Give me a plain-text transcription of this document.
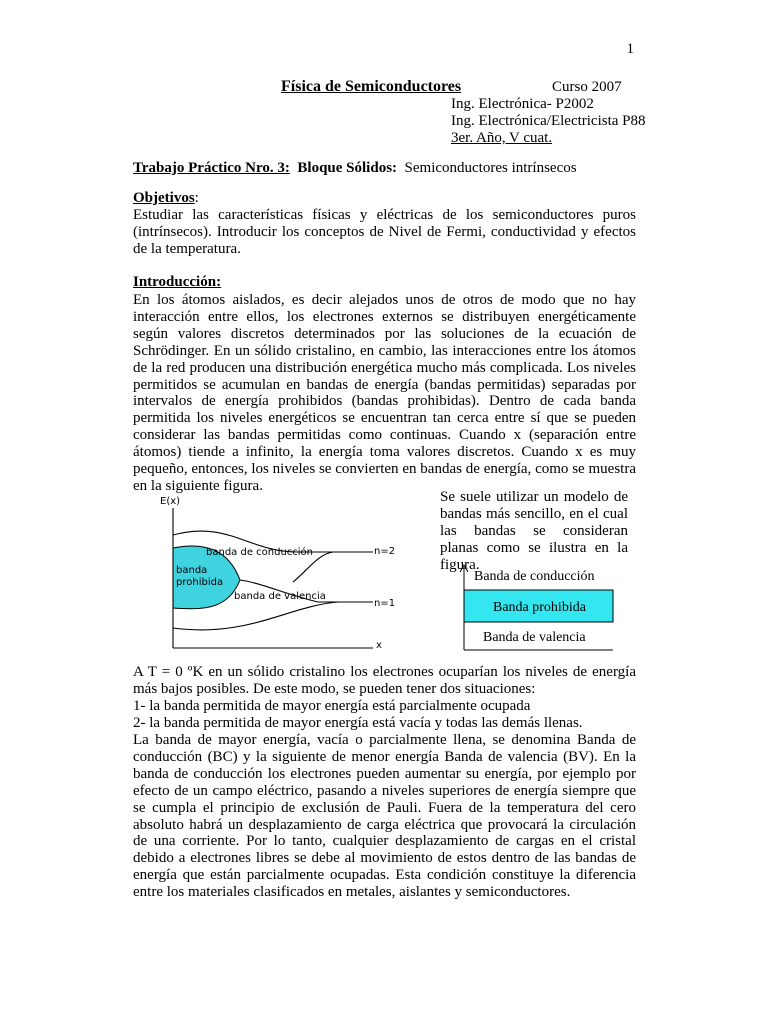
1
Física de Semiconductores	Curso 2007
Ing. Electrónica- P2002
Ing. Electrónica/Electricista P88
3er. Año, V cuat.
Trabajo Práctico Nro. 3: Bloque Sólidos: Semiconductores intrínsecos
Objetivos:

Estudiar las características físicas y eléctricas de los semiconductores puros (intrínsecos). Introducir los conceptos de Nivel de Fermi, conductividad y efectos de la temperatura.

Introducción:

En los átomos aislados, es decir alejados unos de otros de modo que no hay interacción entre ellos, los electrones externos se distribuyen energéticamente según valores discretos determinados por las soluciones de la ecuación de Schrödinger. En un sólido cristalino, en cambio, las interacciones entre los átomos de la red producen una distribución energética mucho más complicada. Los niveles permitidos se acumulan en bandas de energía (bandas permitidas) separadas por intervalos de energía prohibidos (bandas prohibidas). Dentro de cada banda permitida los niveles energéticos se encuentran tan cerca entre sí que se pueden considerar las bandas permitidas como continuas. Cuando x (separación entre átomos) tiende a infinito, la energía toma valores discretos. Cuando x es muy pequeño, entonces, los niveles se convierten en bandas de energía, como se muestra en la siguiente figura.

E(x)
x
banda de conducción
banda
prohibida
banda de valencia
n=2
n=1

Se suele utilizar un modelo de bandas más sencillo, en el cual las bandas se consideran planas como se ilustra en la figura.

Banda de conducción
Banda prohibida
Banda de valencia

A T = 0 ºK en un sólido cristalino los electrones ocuparían los niveles de energía más bajos posibles. De este modo, se pueden tener dos situaciones:

1- la banda permitida de mayor energía está parcialmente ocupada

2- la banda permitida de mayor energía está vacía y todas las demás llenas.

La banda de mayor energía, vacía o parcialmente llena, se denomina Banda de conducción (BC) y la siguiente de menor energía Banda de valencia (BV). En la banda de conducción los electrones pueden aumentar su energía, por ejemplo por efecto de un campo eléctrico, pasando a niveles superiores de energía siempre que se cumpla el principio de exclusión de Pauli. Fuera de la temperatura del cero absoluto habrá un desplazamiento de carga eléctrica que provocará la circulación de una corriente. Por lo tanto, cualquier desplazamiento de cargas en el cristal debido a electrones libres se debe al movimiento de estos dentro de las bandas de energía que están parcialmente ocupadas. Esta condición constituye la diferencia entre los materiales clasificados en metales, aislantes y semiconductores.
